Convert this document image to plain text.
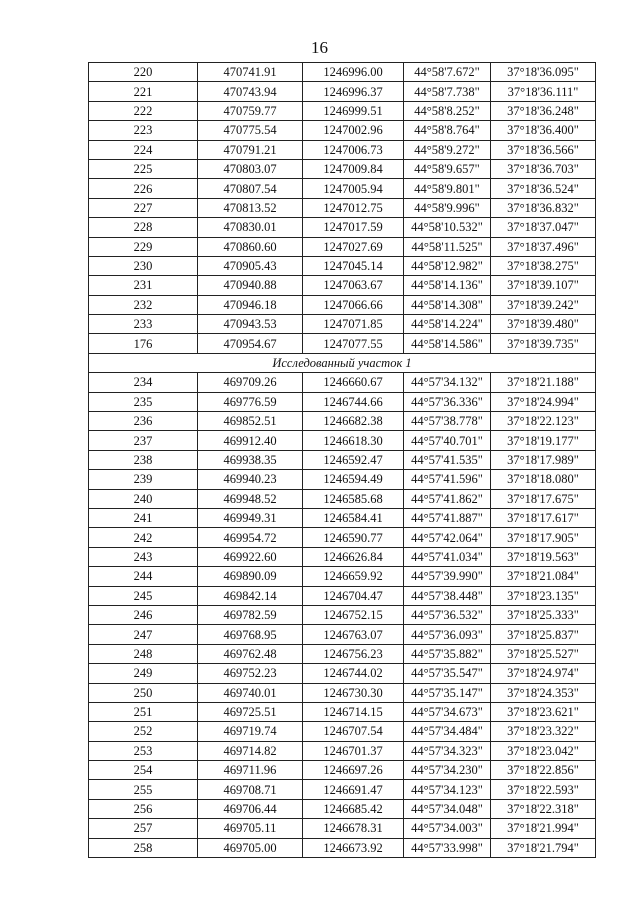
16
220	470741.91	1246996.00	44°58'7.672"	37°18'36.095"
221	470743.94	1246996.37	44°58'7.738"	37°18'36.111"
222	470759.77	1246999.51	44°58'8.252"	37°18'36.248"
223	470775.54	1247002.96	44°58'8.764"	37°18'36.400"
224	470791.21	1247006.73	44°58'9.272"	37°18'36.566"
225	470803.07	1247009.84	44°58'9.657"	37°18'36.703"
226	470807.54	1247005.94	44°58'9.801"	37°18'36.524"
227	470813.52	1247012.75	44°58'9.996"	37°18'36.832"
228	470830.01	1247017.59	44°58'10.532"	37°18'37.047"
229	470860.60	1247027.69	44°58'11.525"	37°18'37.496"
230	470905.43	1247045.14	44°58'12.982"	37°18'38.275"
231	470940.88	1247063.67	44°58'14.136"	37°18'39.107"
232	470946.18	1247066.66	44°58'14.308"	37°18'39.242"
233	470943.53	1247071.85	44°58'14.224"	37°18'39.480"
176	470954.67	1247077.55	44°58'14.586"	37°18'39.735"
Исследованный участок 1				
234	469709.26	1246660.67	44°57'34.132"	37°18'21.188"
235	469776.59	1246744.66	44°57'36.336"	37°18'24.994"
236	469852.51	1246682.38	44°57'38.778"	37°18'22.123"
237	469912.40	1246618.30	44°57'40.701"	37°18'19.177"
238	469938.35	1246592.47	44°57'41.535"	37°18'17.989"
239	469940.23	1246594.49	44°57'41.596"	37°18'18.080"
240	469948.52	1246585.68	44°57'41.862"	37°18'17.675"
241	469949.31	1246584.41	44°57'41.887"	37°18'17.617"
242	469954.72	1246590.77	44°57'42.064"	37°18'17.905"
243	469922.60	1246626.84	44°57'41.034"	37°18'19.563"
244	469890.09	1246659.92	44°57'39.990"	37°18'21.084"
245	469842.14	1246704.47	44°57'38.448"	37°18'23.135"
246	469782.59	1246752.15	44°57'36.532"	37°18'25.333"
247	469768.95	1246763.07	44°57'36.093"	37°18'25.837"
248	469762.48	1246756.23	44°57'35.882"	37°18'25.527"
249	469752.23	1246744.02	44°57'35.547"	37°18'24.974"
250	469740.01	1246730.30	44°57'35.147"	37°18'24.353"
251	469725.51	1246714.15	44°57'34.673"	37°18'23.621"
252	469719.74	1246707.54	44°57'34.484"	37°18'23.322"
253	469714.82	1246701.37	44°57'34.323"	37°18'23.042"
254	469711.96	1246697.26	44°57'34.230"	37°18'22.856"
255	469708.71	1246691.47	44°57'34.123"	37°18'22.593"
256	469706.44	1246685.42	44°57'34.048"	37°18'22.318"
257	469705.11	1246678.31	44°57'34.003"	37°18'21.994"
258	469705.00	1246673.92	44°57'33.998"	37°18'21.794"
